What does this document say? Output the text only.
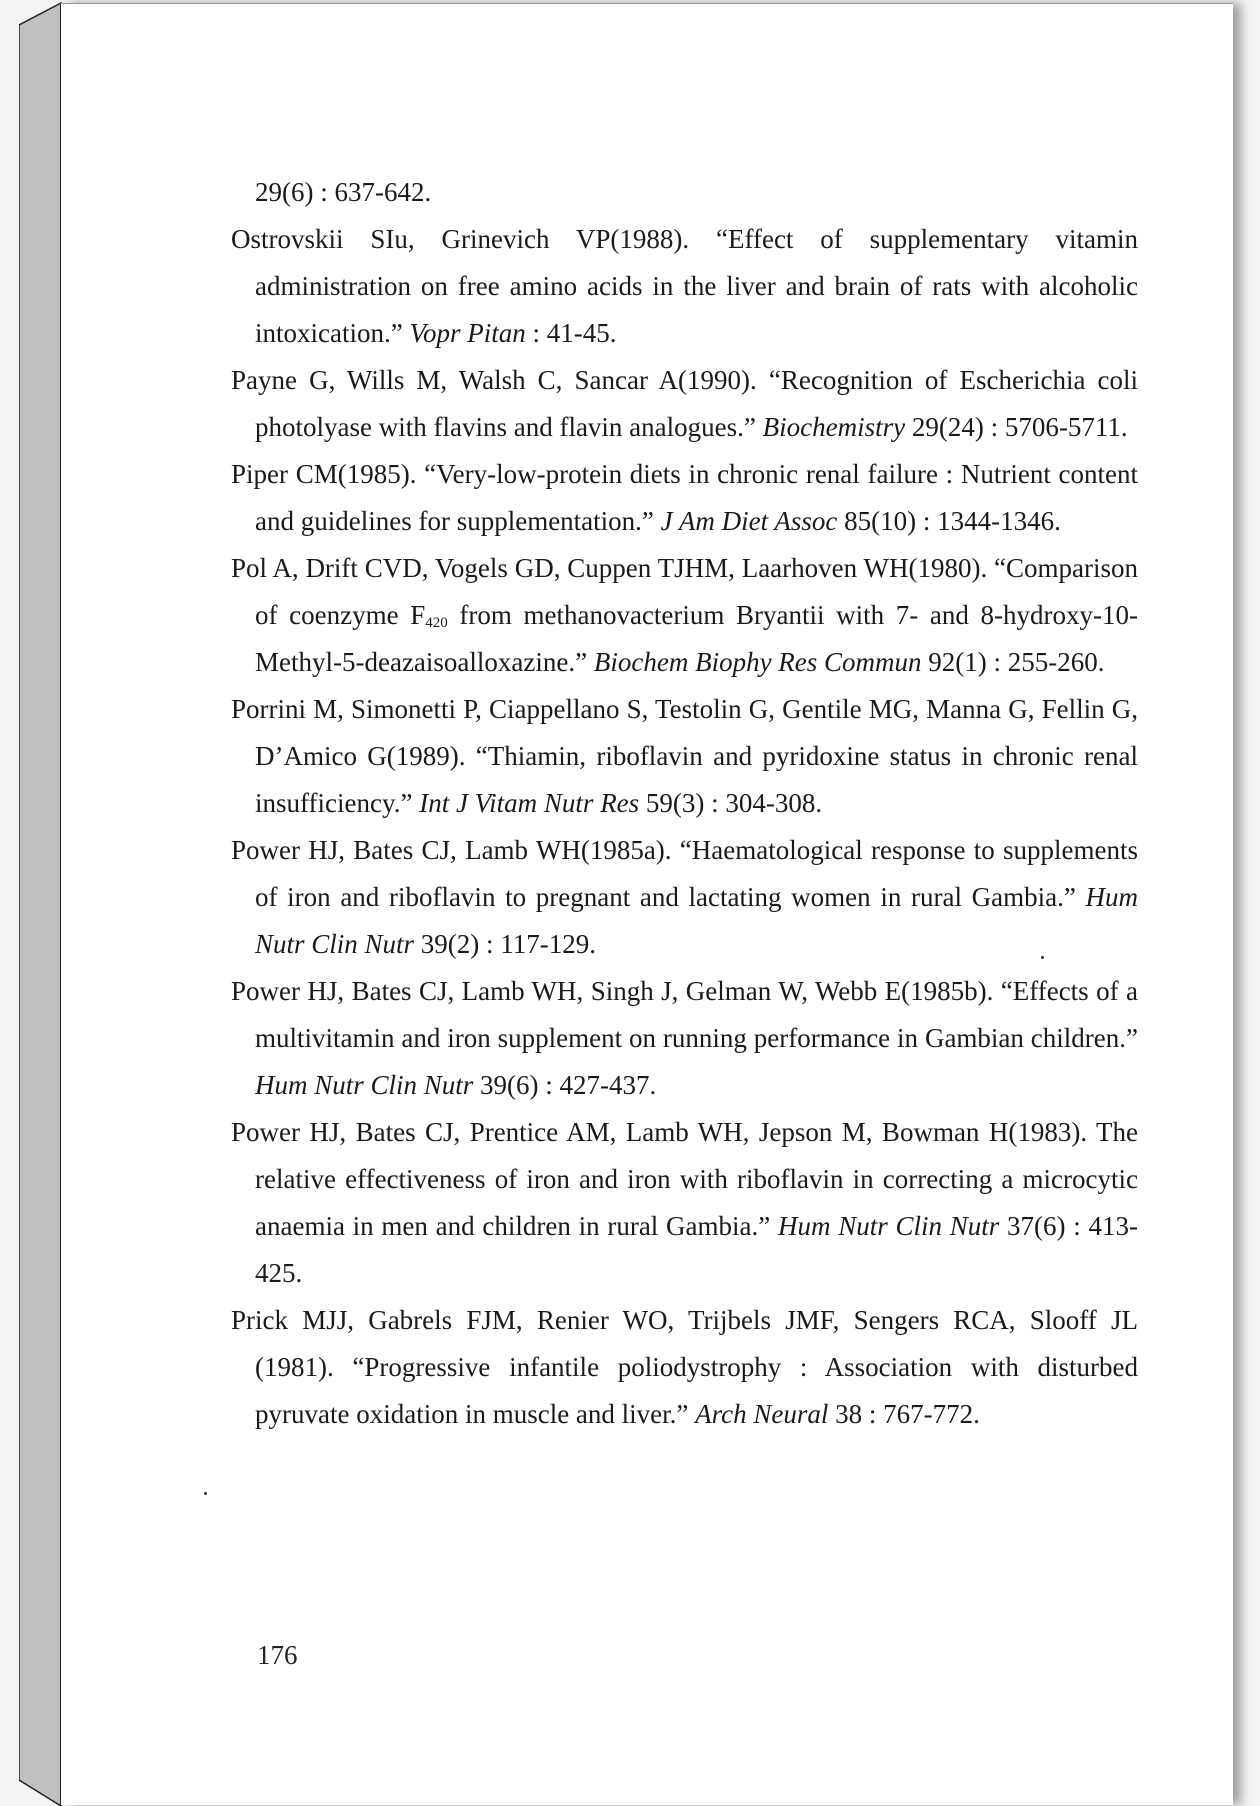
29(6) : 637-642.

Ostrovskii SIu, Grinevich VP(1988). “Effect of supplementary vitamin administration on free amino acids in the liver and brain of rats with alcoholic intoxication.” Vopr Pitan : 41-45.

Payne G, Wills M, Walsh C, Sancar A(1990). “Recognition of Escherichia coli photolyase with flavins and flavin analogues.” Biochemistry 29(24) : 5706-5711.

Piper CM(1985). “Very-low-protein diets in chronic renal failure : Nutrient content and guidelines for supplementation.” J Am Diet Assoc 85(10) : 1344-1346.

Pol A, Drift CVD, Vogels GD, Cuppen TJHM, Laarhoven WH(1980). “Comparison of coenzyme $F_{420}$ from methanovacterium Bryantii with 7- and 8-hydroxy-10-Methyl-5-deazaisoalloxazine.” Biochem Biophy Res Commun 92(1) : 255-260.

Porrini M, Simonetti P, Ciappellano S, Testolin G, Gentile MG, Manna G, Fellin G, D’Amico G(1989). “Thiamin, riboflavin and pyridoxine status in chronic renal insufficiency.” Int J Vitam Nutr Res 59(3) : 304-308.

Power HJ, Bates CJ, Lamb WH(1985a). “Haematological response to supplements of iron and riboflavin to pregnant and lactating women in rural Gambia.” Hum Nutr Clin Nutr 39(2) : 117-129.

Power HJ, Bates CJ, Lamb WH, Singh J, Gelman W, Webb E(1985b). “Effects of a multivitamin and iron supplement on running performance in Gambian children.” Hum Nutr Clin Nutr 39(6) : 427-437.

Power HJ, Bates CJ, Prentice AM, Lamb WH, Jepson M, Bowman H(1983). The relative effectiveness of iron and iron with riboflavin in correcting a microcytic anaemia in men and children in rural Gambia.” Hum Nutr Clin Nutr 37(6) : 413-425.

Prick MJJ, Gabrels FJM, Renier WO, Trijbels JMF, Sengers RCA, Slooff JL (1981). “Progressive infantile poliodystrophy : Association with disturbed pyruvate oxidation in muscle and liver.” Arch Neural 38 : 767-772.

176
